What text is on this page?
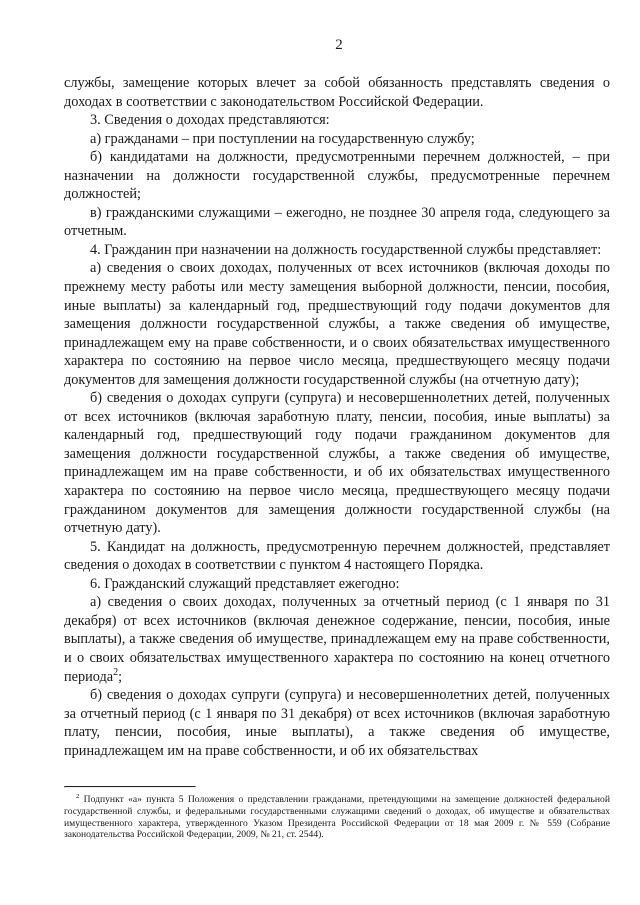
2

службы, замещение которых влечет за собой обязанность представлять сведения о доходах в соответствии с законодательством Российской Федерации.

3. Сведения о доходах представляются:

а) гражданами – при поступлении на государственную службу;

б) кандидатами на должности, предусмотренными перечнем должностей, – при назначении на должности государственной службы, предусмотренные перечнем должностей;

в) гражданскими служащими – ежегодно, не позднее 30 апреля года, следующего за отчетным.

4. Гражданин при назначении на должность государственной службы представляет:

а) сведения о своих доходах, полученных от всех источников (включая доходы по прежнему месту работы или месту замещения выборной должности, пенсии, пособия, иные выплаты) за календарный год, предшествующий году подачи документов для замещения должности государственной службы, а также сведения об имуществе, принадлежащем ему на праве собственности, и о своих обязательствах имущественного характера по состоянию на первое число месяца, предшествующего месяцу подачи документов для замещения должности государственной службы (на отчетную дату);

б) сведения о доходах супруги (супруга) и несовершеннолетних детей, полученных от всех источников (включая заработную плату, пенсии, пособия, иные выплаты) за календарный год, предшествующий году подачи гражданином документов для замещения должности государственной службы, а также сведения об имуществе, принадлежащем им на праве собственности, и об их обязательствах имущественного характера по состоянию на первое число месяца, предшествующего месяцу подачи гражданином документов для замещения должности государственной службы (на отчетную дату).

5. Кандидат на должность, предусмотренную перечнем должностей, представляет сведения о доходах в соответствии с пунктом 4 настоящего Порядка.

6. Гражданский служащий представляет ежегодно:

а) сведения о своих доходах, полученных за отчетный период (с 1 января по 31 декабря) от всех источников (включая денежное содержание, пенсии, пособия, иные выплаты), а также сведения об имуществе, принадлежащем ему на праве собственности, и о своих обязательствах имущественного характера по состоянию на конец отчетного периода$^2$;

б) сведения о доходах супруги (супруга) и несовершеннолетних детей, полученных за отчетный период (с 1 января по 31 декабря) от всех источников (включая заработную плату, пенсии, пособия, иные выплаты), а также сведения об имуществе, принадлежащем им на праве собственности, и об их обязательствах

$^2$ Подпункт «а» пункта 5 Положения о представлении гражданами, претендующими на замещение должностей федеральной государственной службы, и федеральными государственными служащими сведений о доходах, об имуществе и обязательствах имущественного характера, утвержденного Указом Президента Российской Федерации от 18 мая 2009 г. № 559 (Собрание законодательства Российской Федерации, 2009, № 21, ст. 2544).
